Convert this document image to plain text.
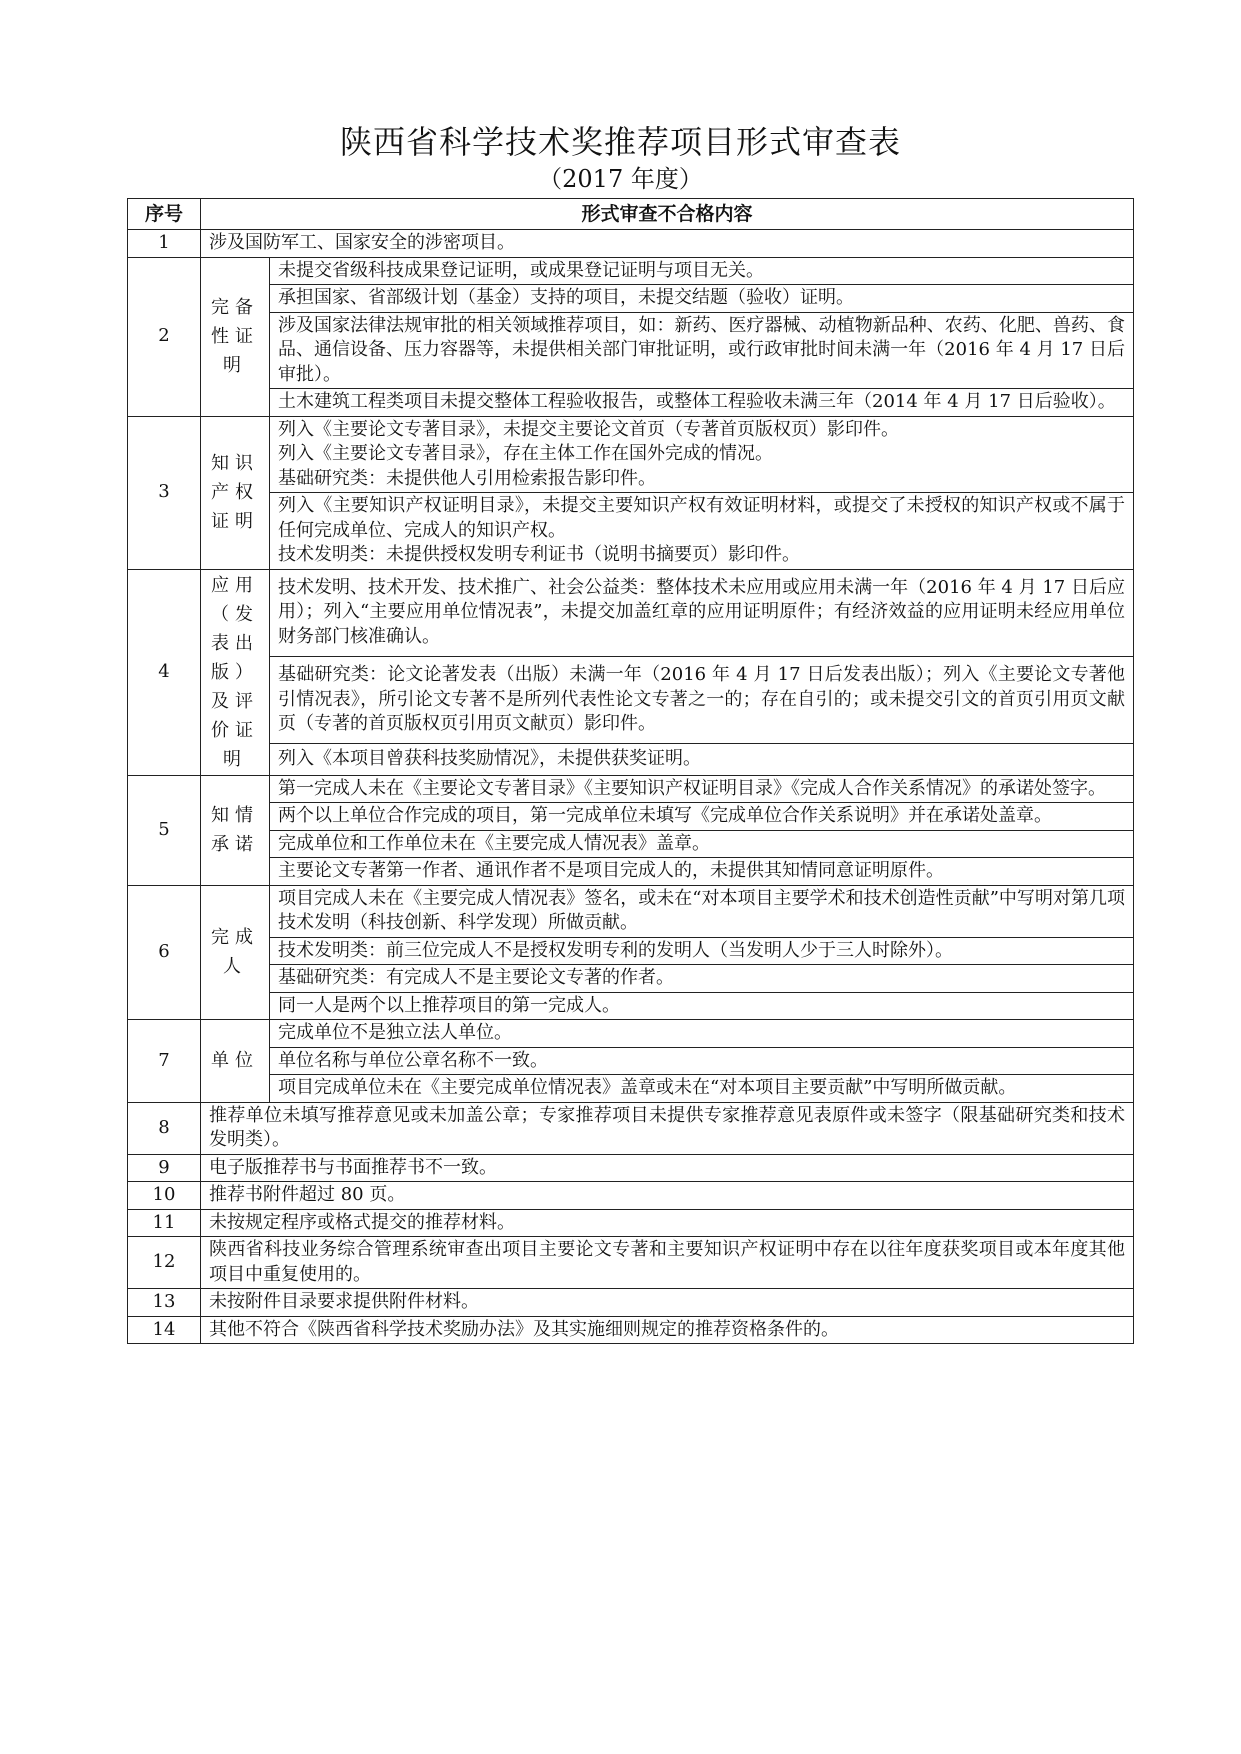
陕西省科学技术奖推荐项目形式审查表
（2017 年度）
序号	形式审查不合格内容	
1	涉及国防军工、国家安全的涉密项目。	
2	完备性证明	未提交省级科技成果登记证明，或成果登记证明与项目无关。
		承担国家、省部级计划（基金）支持的项目，未提交结题（验收）证明。
		涉及国家法律法规审批的相关领域推荐项目，如：新药、医疗器械、动植物新品种、农药、化肥、兽药、食品、通信设备、压力容器等，未提供相关部门审批证明，或行政审批时间未满一年（2016 年 4 月 17 日后审批）。
		土木建筑工程类项目未提交整体工程验收报告，或整体工程验收未满三年（2014 年 4 月 17 日后验收）。
3	知识产权证明	列入《主要论文专著目录》，未提交主要论文首页（专著首页版权页）影印件。
列入《主要论文专著目录》，存在主体工作在国外完成的情况。
基础研究类：未提供他人引用检索报告影印件。
		列入《主要知识产权证明目录》，未提交主要知识产权有效证明材料，或提交了未授权的知识产权或不属于任何完成单位、完成人的知识产权。
技术发明类：未提供授权发明专利证书（说明书摘要页）影印件。
4	应用（发表出版）及评价证明	技术发明、技术开发、技术推广、社会公益类：整体技术未应用或应用未满一年（2016 年 4 月 17 日后应用）；列入“主要应用单位情况表”，未提交加盖红章的应用证明原件；有经济效益的应用证明未经应用单位财务部门核准确认。
		基础研究类：论文论著发表（出版）未满一年（2016 年 4 月 17 日后发表出版）；列入《主要论文专著他引情况表》，所引论文专著不是所列代表性论文专著之一的；存在自引的；或未提交引文的首页引用页文献页（专著的首页版权页引用页文献页）影印件。
		列入《本项目曾获科技奖励情况》，未提供获奖证明。
5	知情承诺	第一完成人未在《主要论文专著目录》《主要知识产权证明目录》《完成人合作关系情况》的承诺处签字。
		两个以上单位合作完成的项目，第一完成单位未填写《完成单位合作关系说明》并在承诺处盖章。
		完成单位和工作单位未在《主要完成人情况表》盖章。
		主要论文专著第一作者、通讯作者不是项目完成人的，未提供其知情同意证明原件。
6	完成人	项目完成人未在《主要完成人情况表》签名，或未在“对本项目主要学术和技术创造性贡献”中写明对第几项技术发明（科技创新、科学发现）所做贡献。
		技术发明类：前三位完成人不是授权发明专利的发明人（当发明人少于三人时除外）。
		基础研究类：有完成人不是主要论文专著的作者。
		同一人是两个以上推荐项目的第一完成人。
7	单位	完成单位不是独立法人单位。
		单位名称与单位公章名称不一致。
		项目完成单位未在《主要完成单位情况表》盖章或未在“对本项目主要贡献”中写明所做贡献。
8	推荐单位未填写推荐意见或未加盖公章；专家推荐项目未提供专家推荐意见表原件或未签字（限基础研究类和技术发明类）。	
9	电子版推荐书与书面推荐书不一致。	
10	推荐书附件超过 80 页。	
11	未按规定程序或格式提交的推荐材料。	
12	陕西省科技业务综合管理系统审查出项目主要论文专著和主要知识产权证明中存在以往年度获奖项目或本年度其他项目中重复使用的。	
13	未按附件目录要求提供附件材料。	
14	其他不符合《陕西省科学技术奖励办法》及其实施细则规定的推荐资格条件的。	
